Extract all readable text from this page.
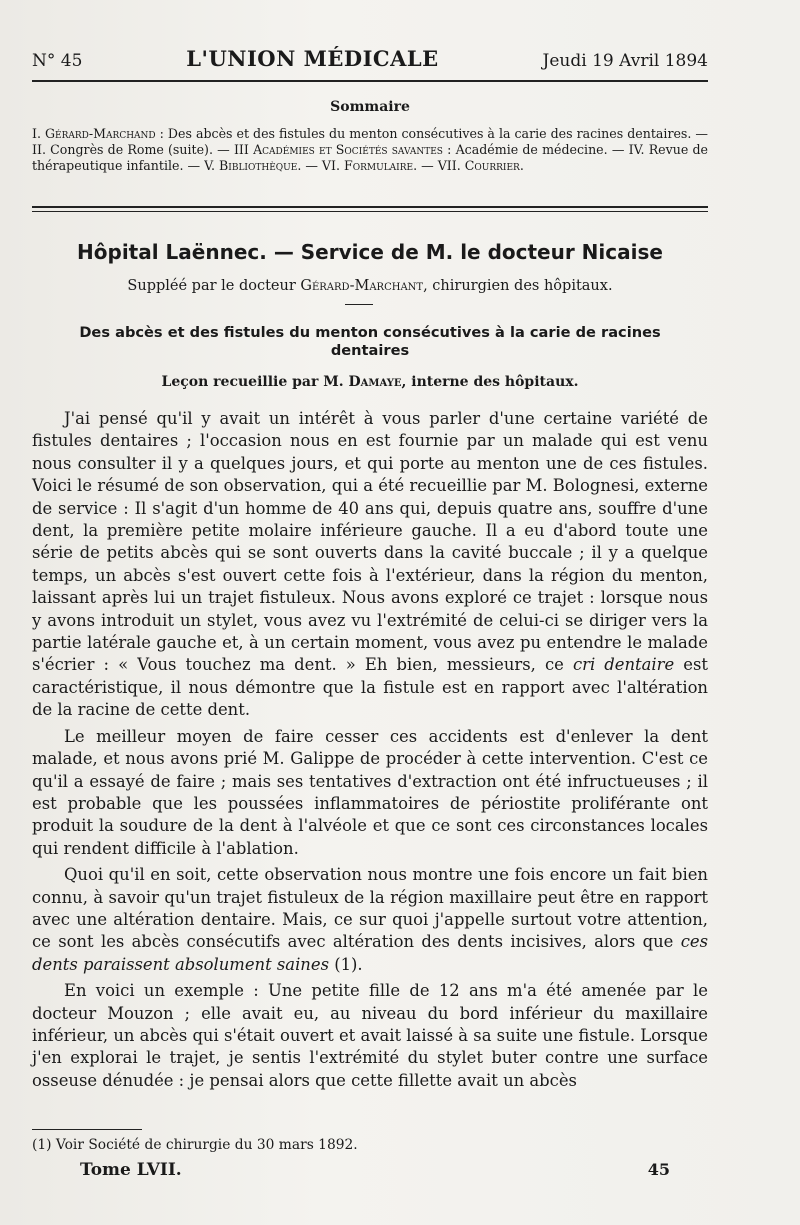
N° 45	L'UNION MÉDICALE	Jeudi 19 Avril 1894
Sommaire
I. Gérard-Marchand : Des abcès et des fistules du menton consécutives à la carie des racines dentaires. — II. Congrès de Rome (suite). — III Académies et Sociétés savantes : Académie de médecine. — IV. Revue de thérapeutique infantile. — V. Bibliothèque. — VI. Formulaire. — VII. Courrier.
Hôpital Laënnec. — Service de M. le docteur Nicaise
Suppléé par le docteur Gérard-Marchant, chirurgien des hôpitaux.
Des abcès et des fistules du menton consécutives à la carie de racines
dentaires
Leçon recueillie par M. Damaye, interne des hôpitaux.

J'ai pensé qu'il y avait un intérêt à vous parler d'une certaine variété de fistules dentaires ; l'occasion nous en est fournie par un malade qui est venu nous consulter il y a quelques jours, et qui porte au menton une de ces fistules. Voici le résumé de son observation, qui a été recueillie par M. Bolognesi, externe de service : Il s'agit d'un homme de 40 ans qui, depuis quatre ans, souffre d'une dent, la première petite molaire inférieure gauche. Il a eu d'abord toute une série de petits abcès qui se sont ouverts dans la cavité buccale ; il y a quelque temps, un abcès s'est ouvert cette fois à l'extérieur, dans la région du menton, laissant après lui un trajet fistuleux. Nous avons exploré ce trajet : lorsque nous y avons introduit un stylet, vous avez vu l'extrémité de celui-ci se diriger vers la partie latérale gauche et, à un certain moment, vous avez pu entendre le malade s'écrier : « Vous touchez ma dent. » Eh bien, messieurs, ce cri dentaire est caractéristique, il nous démontre que la fistule est en rapport avec l'altération de la racine de cette dent.

Le meilleur moyen de faire cesser ces accidents est d'enlever la dent malade, et nous avons prié M. Galippe de procéder à cette intervention. C'est ce qu'il a essayé de faire ; mais ses tentatives d'extraction ont été infructueuses ; il est probable que les poussées inflammatoires de périostite proliférante ont produit la soudure de la dent à l'alvéole et que ce sont ces circonstances locales qui rendent difficile à l'ablation.

Quoi qu'il en soit, cette observation nous montre une fois encore un fait bien connu, à savoir qu'un trajet fistuleux de la région maxillaire peut être en rapport avec une altération dentaire. Mais, ce sur quoi j'appelle surtout votre attention, ce sont les abcès consécutifs avec altération des dents incisives, alors que ces dents paraissent absolument saines (1).

En voici un exemple : Une petite fille de 12 ans m'a été amenée par le docteur Mouzon ; elle avait eu, au niveau du bord inférieur du maxillaire inférieur, un abcès qui s'était ouvert et avait laissé à sa suite une fistule. Lorsque j'en explorai le trajet, je sentis l'extrémité du stylet buter contre une surface osseuse dénudée : je pensai alors que cette fillette avait un abcès

(1) Voir Société de chirurgie du 30 mars 1892.
Tome LVII.	45
